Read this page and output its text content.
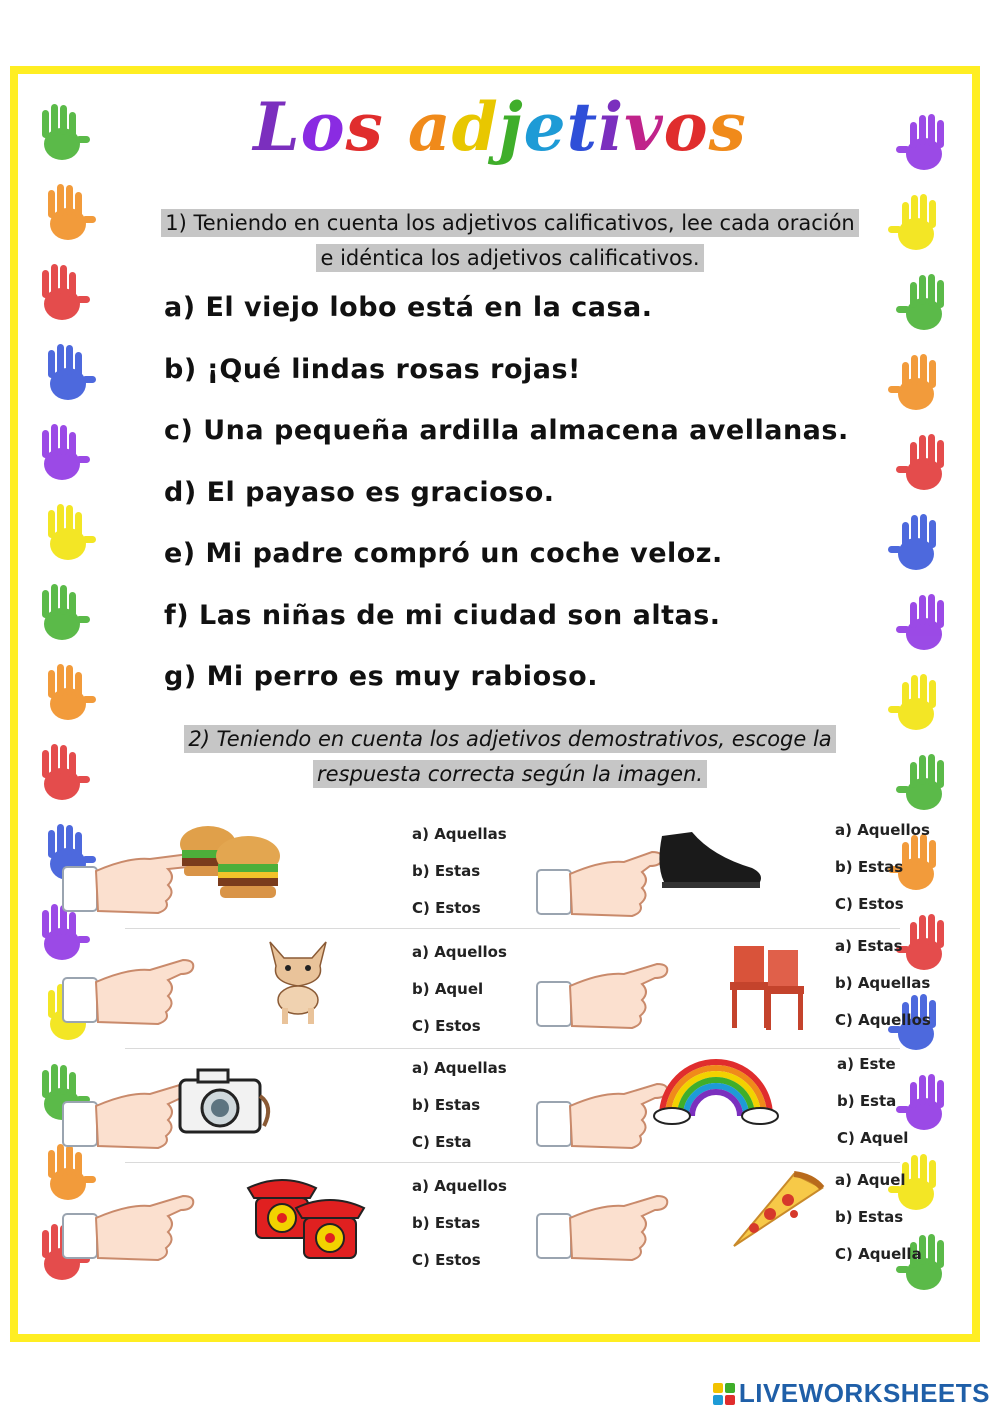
Los adjetivos
1) Teniendo en cuenta los adjetivos calificativos, lee cada oración
e idéntica los adjetivos calificativos.
a) El viejo lobo está en la casa.
b) ¡Qué lindas rosas rojas!
c) Una pequeña ardilla almacena avellanas.
d) El payaso es gracioso.
e) Mi padre compró un coche veloz.
f) Las niñas de mi ciudad son altas.
g) Mi perro es muy rabioso.
2) Teniendo en cuenta los adjetivos demostrativos, escoge la
respuesta correcta según la imagen.
a) Aquellas
b) Estas
C) Estos
a) Aquellos
b) Estas
C) Estos
a) Aquellos
b) Aquel
C) Estos
a) Estas
b) Aquellas
C) Aquellos
a) Aquellas
b) Estas
C) Esta
a) Este
b) Esta
C) Aquel
a) Aquellos
b) Estas
C) Estos
a) Aquel
b) Estas
C) Aquella
LIVEWORKSHEETS
